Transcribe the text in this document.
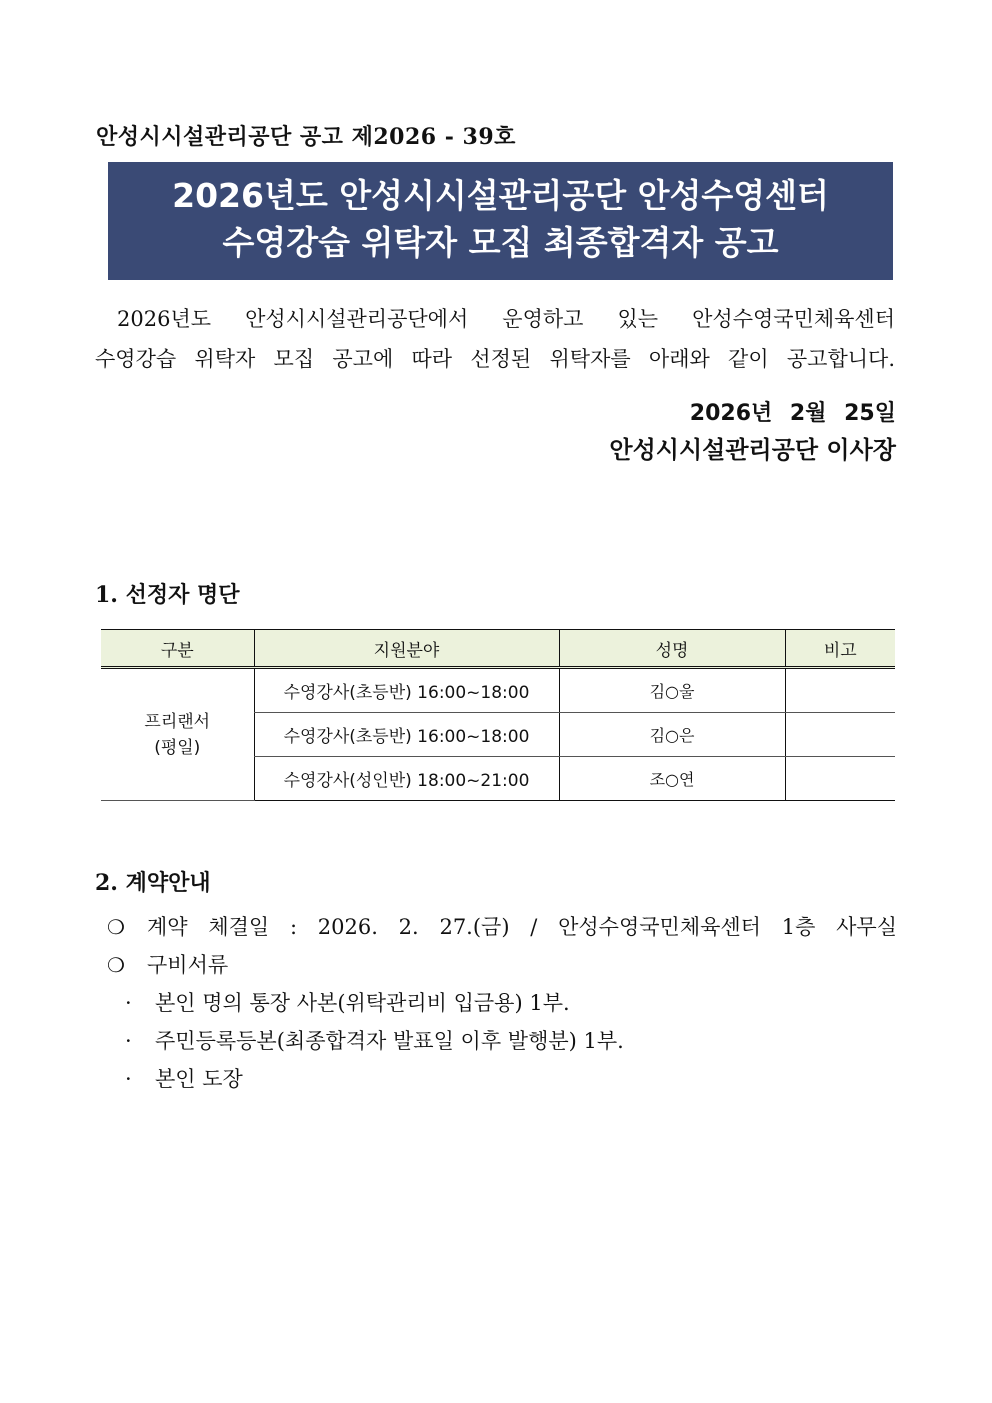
안성시시설관리공단 공고 제2026 - 39호
2026년도 안성시시설관리공단 안성수영센터
수영강습 위탁자 모집 최종합격자 공고
2026년도 안성시시설관리공단에서 운영하고 있는 안성수영국민체육센터
수영강습 위탁자 모집 공고에 따라 선정된 위탁자를 아래와 같이 공고합니다.
2026년 2월 25일
안성시시설관리공단 이사장
1. 선정자 명단
구분	지원분야	성명	비고

프리랜서
(평일)	수영강사(초등반) 16:00~18:00	김○울	
	수영강사(초등반) 16:00~18:00	김○은	
	수영강사(성인반) 18:00~21:00	조○연	
2. 계약안내
❍ 계약 체결일 : 2026. 2. 27.(금) / 안성수영국민체육센터 1층 사무실
❍ 구비서류
· 본인 명의 통장 사본(위탁관리비 입금용) 1부.
· 주민등록등본(최종합격자 발표일 이후 발행분) 1부.
· 본인 도장
